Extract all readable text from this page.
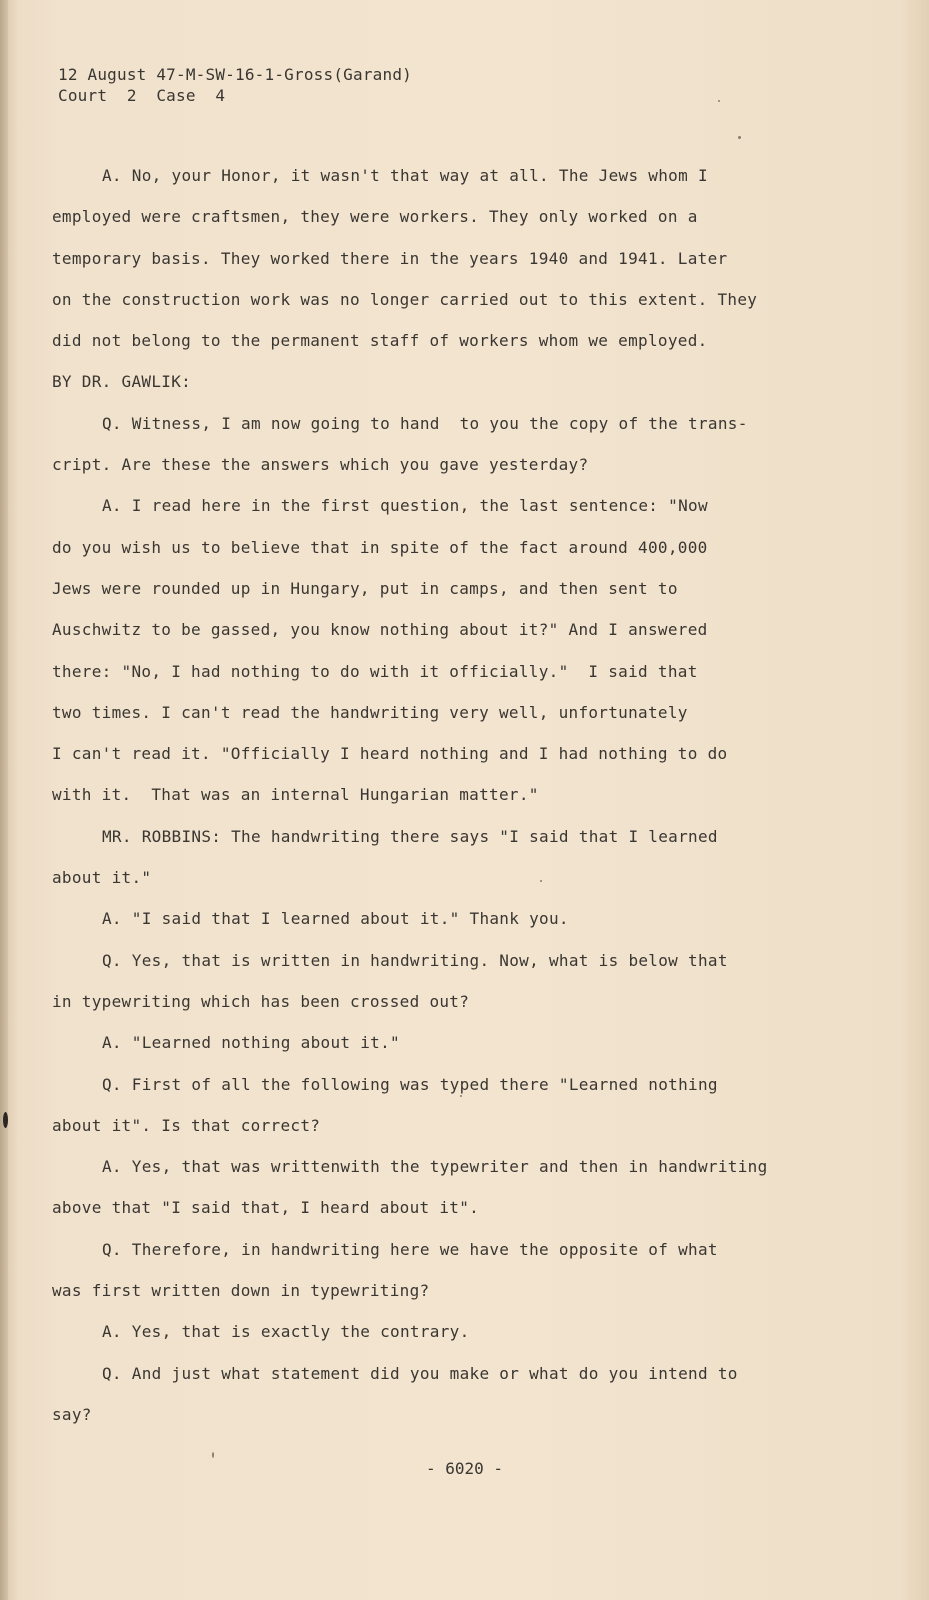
12 August 47-M-SW-16-1-Gross(Garand)
Court  2  Case  4
A. No, your Honor, it wasn't that way at all. The Jews whom I
employed were craftsmen, they were workers. They only worked on a
temporary basis. They worked there in the years 1940 and 1941. Later
on the construction work was no longer carried out to this extent. They
did not belong to the permanent staff of workers whom we employed.
BY DR. GAWLIK:
Q. Witness, I am now going to hand  to you the copy of the trans-
cript. Are these the answers which you gave yesterday?
A. I read here in the first question, the last sentence: "Now
do you wish us to believe that in spite of the fact around 400,000
Jews were rounded up in Hungary, put in camps, and then sent to
Auschwitz to be gassed, you know nothing about it?" And I answered
there: "No, I had nothing to do with it officially."  I said that
two times. I can't read the handwriting very well, unfortunately
I can't read it. "Officially I heard nothing and I had nothing to do
with it.  That was an internal Hungarian matter."
MR. ROBBINS: The handwriting there says "I said that I learned
about it."
A. "I said that I learned about it." Thank you.
Q. Yes, that is written in handwriting. Now, what is below that
in typewriting which has been crossed out?
A. "Learned nothing about it."
Q. First of all the following was typed there "Learned nothing
about it". Is that correct?
A. Yes, that was writtenwith the typewriter and then in handwriting
above that "I said that, I heard about it".
Q. Therefore, in handwriting here we have the opposite of what
was first written down in typewriting?
A. Yes, that is exactly the contrary.
Q. And just what statement did you make or what do you intend to
say?
- 6020 -
